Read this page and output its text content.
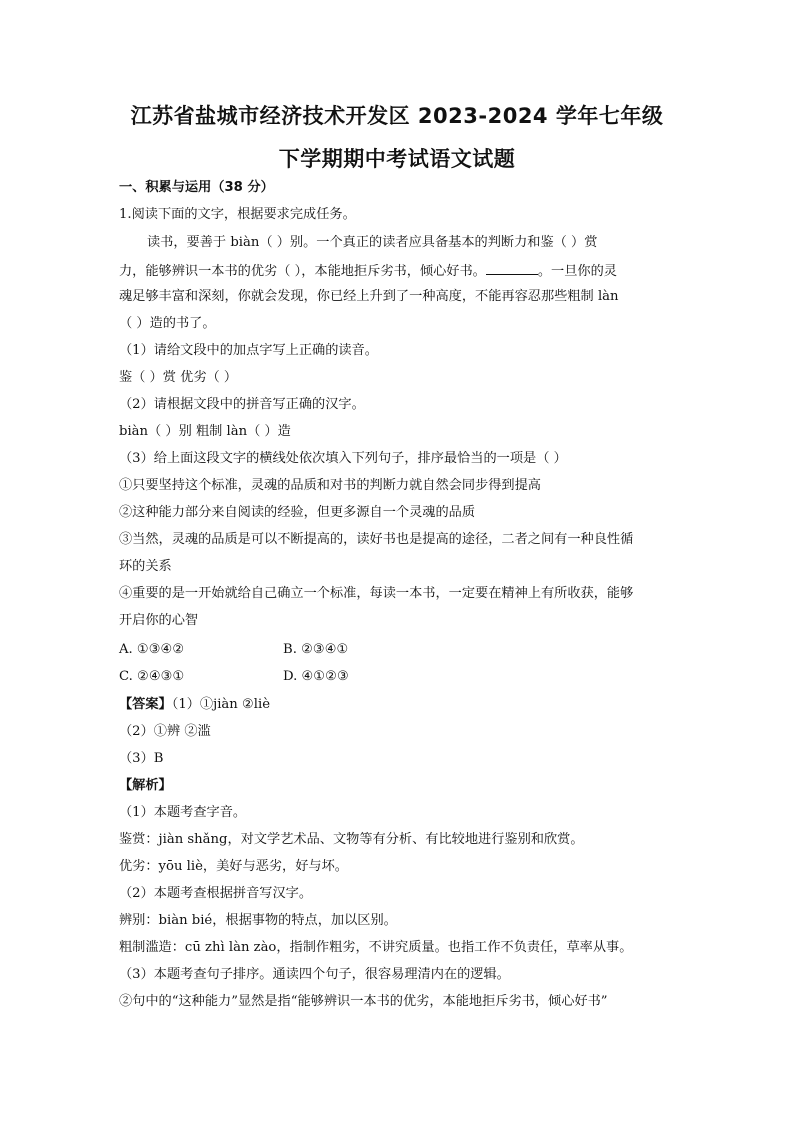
江苏省盐城市经济技术开发区 2023-2024 学年七年级
下学期期中考试语文试题
一、积累与运用（38 分）
1.阅读下面的文字，根据要求完成任务。
读书，要善于 biàn（ ）别。一个真正的读者应具备基本的判断力和鉴（ ）赏
力，能够辨识一本书的优劣（ ），本能地拒斥劣书，倾心好书。	。一旦你的灵
魂足够丰富和深刻，你就会发现，你已经上升到了一种高度，不能再容忍那些粗制 làn
（ ）造的书了。
（1）请给文段中的加点字写上正确的读音。
鉴（ ）赏 优劣（ ）
（2）请根据文段中的拼音写正确的汉字。
biàn（ ）别 粗制 làn（ ）造
（3）给上面这段文字的横线处依次填入下列句子，排序最恰当的一项是（ ）
①只要坚持这个标准，灵魂的品质和对书的判断力就自然会同步得到提高
②这种能力部分来自阅读的经验，但更多源自一个灵魂的品质
③当然，灵魂的品质是可以不断提高的，读好书也是提高的途径，二者之间有一种良性循
环的关系
④重要的是一开始就给自己确立一个标准，每读一本书，一定要在精神上有所收获，能够
开启你的心智
A. ①③④②	B. ②③④①
C. ②④③①	D. ④①②③
【答案】（1）①jiàn ②liè
（2）①辨 ②滥
（3）B
【解析】
（1）本题考查字音。
鉴赏：jiàn shǎng，对文学艺术品、文物等有分析、有比较地进行鉴别和欣赏。
优劣：yōu liè，美好与恶劣，好与坏。
（2）本题考查根据拼音写汉字。
辨别：biàn bié，根据事物的特点，加以区别。
粗制滥造：cū zhì làn zào，指制作粗劣，不讲究质量。也指工作不负责任，草率从事。
（3）本题考查句子排序。通读四个句子，很容易理清内在的逻辑。
②句中的“这种能力”显然是指“能够辨识一本书的优劣，本能地拒斥劣书，倾心好书”
